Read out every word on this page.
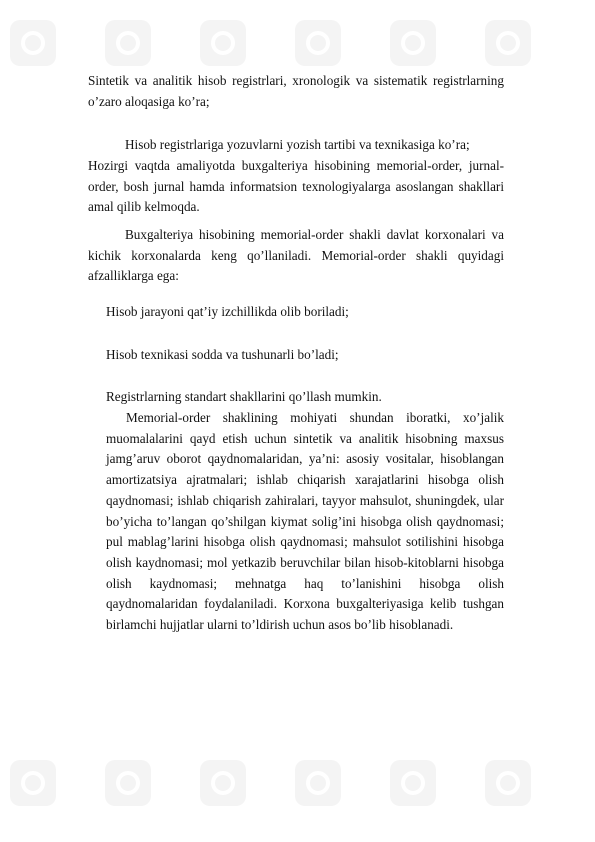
Sintetik va analitik hisob registrlari, xronologik va sistematik registrlarning o’zaro aloqasiga ko’ra;

Hisob registrlariga yozuvlarni yozish tartibi va texnikasiga ko’ra;

Hozirgi vaqtda amaliyotda buxgalteriya hisobining memorial-order, jurnal-order, bosh jurnal hamda informatsion texnologiyalarga asoslangan shakllari amal qilib kelmoqda.

Buxgalteriya hisobining memorial-order shakli davlat korxonalari va kichik korxonalarda keng qo’llaniladi. Memorial-order shakli quyidagi afzalliklarga ega:

Hisob jarayoni qat’iy izchillikda olib boriladi;

Hisob texnikasi sodda va tushunarli bo’ladi;

Registrlarning standart shakllarini qo’llash mumkin.

Memorial-order shaklining mohiyati shundan iboratki, xo’jalik muomalalarini qayd etish uchun sintetik va analitik hisobning maxsus jamg’aruv oborot qaydnomalaridan, ya’ni: asosiy vositalar, hisoblangan amortizatsiya ajratmalari; ishlab chiqarish xarajatlarini hisobga olish qaydnomasi; ishlab chiqarish zahiralari, tayyor mahsulot, shuningdek, ular bo’yicha to’langan qo’shilgan kiymat solig’ini hisobga olish qaydnomasi; pul mablag’larini hisobga olish qaydnomasi; mahsulot sotilishini hisobga olish kaydnomasi; mol yetkazib beruvchilar bilan hisob-kitoblarni hisobga olish kaydnomasi; mehnatga haq to’lanishini hisobga olish qaydnomalaridan foydalaniladi. Korxona buxgalteriyasiga kelib tushgan birlamchi hujjatlar ularni to’ldirish uchun asos bo’lib hisoblanadi.
